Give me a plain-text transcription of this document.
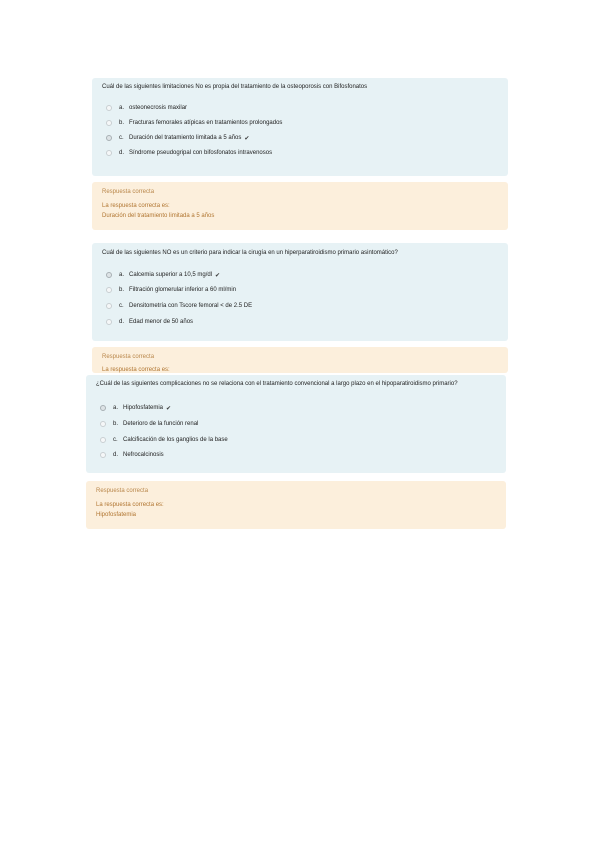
Cuál de las siguientes limitaciones No es propia del tratamiento de la osteoporosis con Bifosfonatos
a. osteonecrosis maxilar
b. Fracturas femorales atípicas en tratamientos prolongados
c. Duración del tratamiento limitada a 5 años ✔
d. Síndrome pseudogripal con bifosfonatos intravenosos
Respuesta correcta
La respuesta correcta es:
Duración del tratamiento limitada a 5 años
Cuál de las siguientes NO es un criterio para indicar la cirugía en un hiperparatiroidismo primario asintomático?
a. Calcemia superior a 10,5 mg/dl ✔
b. Filtración glomerular inferior a 60 ml/min
c. Densitometría con Tscore femoral < de 2.5 DE
d. Edad menor de 50 años
Respuesta correcta
La respuesta correcta es:
¿Cuál de las siguientes complicaciones no se relaciona con el tratamiento convencional a largo plazo en el hipoparatiroidismo primario?
a. Hipofosfatemia ✔
b. Deterioro de la función renal
c. Calcificación de los ganglios de la base
d. Nefrocalcinosis
Respuesta correcta
La respuesta correcta es:
Hipofosfatemia
